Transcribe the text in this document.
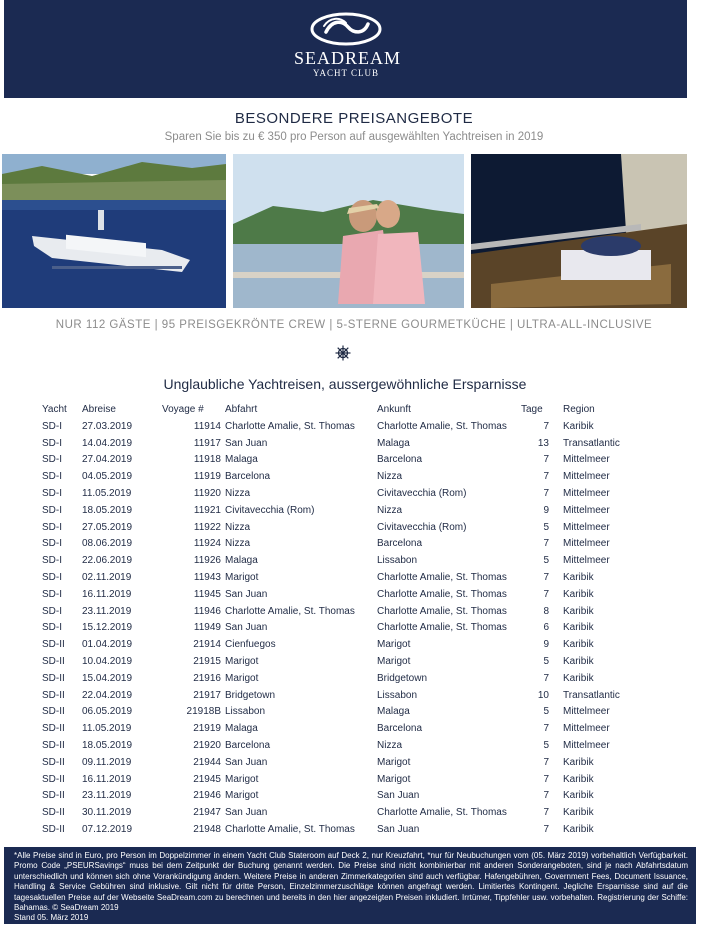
SEADREAM
YACHT CLUB
BESONDERE PREISANGEBOTE
Sparen Sie bis zu € 350 pro Person auf ausgewählten Yachtreisen in 2019
NUR 112 GÄSTE | 95 PREISGEKRÖNTE CREW | 5-STERNE GOURMETKÜCHE | ULTRA-ALL-INCLUSIVE
Unglaubliche Yachtreisen, aussergewöhnliche Ersparnisse
Yacht	Abreise	Voyage #	Abfahrt	Ankunft	Tage	Region
SD-I	27.03.2019	11914	Charlotte Amalie, St. Thomas	Charlotte Amalie, St. Thomas	7	Karibik
SD-I	14.04.2019	11917	San Juan	Malaga	13	Transatlantic
SD-I	27.04.2019	11918	Malaga	Barcelona	7	Mittelmeer
SD-I	04.05.2019	11919	Barcelona	Nizza	7	Mittelmeer
SD-I	11.05.2019	11920	Nizza	Civitavecchia (Rom)	7	Mittelmeer
SD-I	18.05.2019	11921	Civitavecchia (Rom)	Nizza	9	Mittelmeer
SD-I	27.05.2019	11922	Nizza	Civitavecchia (Rom)	5	Mittelmeer
SD-I	08.06.2019	11924	Nizza	Barcelona	7	Mittelmeer
SD-I	22.06.2019	11926	Malaga	Lissabon	5	Mittelmeer
SD-I	02.11.2019	11943	Marigot	Charlotte Amalie, St. Thomas	7	Karibik
SD-I	16.11.2019	11945	San Juan	Charlotte Amalie, St. Thomas	7	Karibik
SD-I	23.11.2019	11946	Charlotte Amalie, St. Thomas	Charlotte Amalie, St. Thomas	8	Karibik
SD-I	15.12.2019	11949	San Juan	Charlotte Amalie, St. Thomas	6	Karibik
SD-II	01.04.2019	21914	Cienfuegos	Marigot	9	Karibik
SD-II	10.04.2019	21915	Marigot	Marigot	5	Karibik
SD-II	15.04.2019	21916	Marigot	Bridgetown	7	Karibik
SD-II	22.04.2019	21917	Bridgetown	Lissabon	10	Transatlantic
SD-II	06.05.2019	21918B	Lissabon	Malaga	5	Mittelmeer
SD-II	11.05.2019	21919	Malaga	Barcelona	7	Mittelmeer
SD-II	18.05.2019	21920	Barcelona	Nizza	5	Mittelmeer
SD-II	09.11.2019	21944	San Juan	Marigot	7	Karibik
SD-II	16.11.2019	21945	Marigot	Marigot	7	Karibik
SD-II	23.11.2019	21946	Marigot	San Juan	7	Karibik
SD-II	30.11.2019	21947	San Juan	Charlotte Amalie, St. Thomas	7	Karibik
SD-II	07.12.2019	21948	Charlotte Amalie, St. Thomas	San Juan	7	Karibik
*Alle Preise sind in Euro, pro Person im Doppelzimmer in einem Yacht Club Stateroom auf Deck 2, nur Kreuzfahrt, *nur für Neubuchungen vom (05. März 2019) vorbehaltlich Verfügbarkeit. Promo Code „PSEURSavings“ muss bei dem Zeitpunkt der Buchung genannt werden. Die Preise sind nicht kombinierbar mit anderen Sonderangeboten, sind je nach Abfahrtsdatum unterschiedlich und können sich ohne Vorankündigung ändern. Weitere Preise in anderen Zimmerkategorien sind auch verfügbar. Hafengebühren, Government Fees, Document Issuance, Handling & Service Gebühren sind inklusive. Gilt nicht für dritte Person, Einzelzimmerzuschläge können angefragt werden. Limitiertes Kontingent. Jegliche Ersparnisse sind auf die tagesaktuellen Preise auf der Webseite SeaDream.com zu berechnen und bereits in den hier angezeigten Preisen inkludiert. Irrtümer, Tippfehler usw. vorbehalten. Registrierung der Schiffe: Bahamas. © SeaDream 2019
Stand 05. März 2019
